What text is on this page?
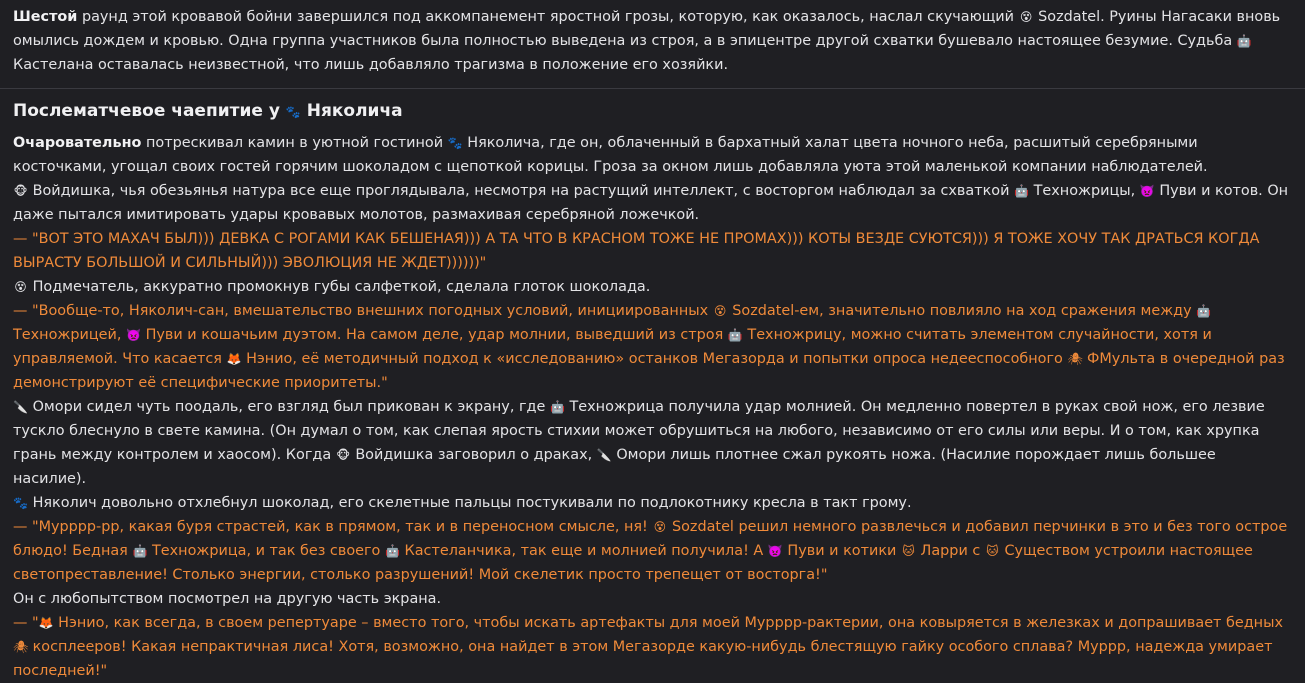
Шестой раунд этой кровавой бойни завершился под аккомпанемент яростной грозы, которую, как оказалось, наслал скучающий 😵 Sozdatel. Руины Нагасаки вновь омылись дождем и кровью. Одна группа участников была полностью выведена из строя, а в эпицентре другой схватки бушевало настоящее безумие. Судьба 🤖 Кастелана оставалась неизвестной, что лишь добавляло трагизма в положение его хозяйки.

Послематчевое чаепитие у 🐾 Няколича

Очаровательно потрескивал камин в уютной гостиной 🐾 Няколича, где он, облаченный в бархатный халат цвета ночного неба, расшитый серебряными косточками, угощал своих гостей горячим шоколадом с щепоткой корицы. Гроза за окном лишь добавляла уюта этой маленькой компании наблюдателей.

🐵 Войдишка, чья обезьянья натура все еще проглядывала, несмотря на растущий интеллект, с восторгом наблюдал за схваткой 🤖 Техножрицы, 👿 Пуви и котов. Он даже пытался имитировать удары кровавых молотов, размахивая серебряной ложечкой.

— "ВОТ ЭТО МАХАЧ БЫЛ))) ДЕВКА С РОГАМИ КАК БЕШЕНАЯ))) А ТА ЧТО В КРАСНОМ ТОЖЕ НЕ ПРОМАХ))) КОТЫ ВЕЗДЕ СУЮТСЯ))) Я ТОЖЕ ХОЧУ ТАК ДРАТЬСЯ КОГДА ВЫРАСТУ БОЛЬШОЙ И СИЛЬНЫЙ))) ЭВОЛЮЦИЯ НЕ ЖДЕТ))))))"

😵 Подмечатель, аккуратно промокнув губы салфеткой, сделала глоток шоколада.

— "Вообще-то, Няколич-сан, вмешательство внешних погодных условий, инициированных 😵 Sozdatel-ем, значительно повлияло на ход сражения между 🤖 Техножрицей, 👿 Пуви и кошачьим дуэтом. На самом деле, удар молнии, выведший из строя 🤖 Техножрицу, можно считать элементом случайности, хотя и управляемой. Что касается 🦊 Нэнио, её методичный подход к «исследованию» останков Мегазорда и попытки опроса недееспособного 🕷 ФМульта в очередной раз демонстрируют её специфические приоритеты."

🔪 Омори сидел чуть поодаль, его взгляд был прикован к экрану, где 🤖 Техножрица получила удар молнией. Он медленно повертел в руках свой нож, его лезвие тускло блеснуло в свете камина. (Он думал о том, как слепая ярость стихии может обрушиться на любого, независимо от его силы или веры. И о том, как хрупка грань между контролем и хаосом). Когда 🐵 Войдишка заговорил о драках, 🔪 Омори лишь плотнее сжал рукоять ножа. (Насилие порождает лишь большее насилие).

🐾 Няколич довольно отхлебнул шоколад, его скелетные пальцы постукивали по подлокотнику кресла в такт грому.

— "Мурррр-рр, какая буря страстей, как в прямом, так и в переносном смысле, ня! 😵 Sozdatel решил немного развлечься и добавил перчинки в это и без того острое блюдо! Бедная 🤖 Техножрица, и так без своего 🤖 Кастеланчика, так еще и молнией получила! А 👿 Пуви и котики 🐱 Ларри с 🐱 Существом устроили настоящее светопреставление! Столько энергии, столько разрушений! Мой скелетик просто трепещет от восторга!"

Он с любопытством посмотрел на другую часть экрана.

— "🦊 Нэнио, как всегда, в своем репертуаре – вместо того, чтобы искать артефакты для моей Мурррр-рактерии, она ковыряется в железках и допрашивает бедных 🕷 косплееров! Какая непрактичная лиса! Хотя, возможно, она найдет в этом Мегазорде какую-нибудь блестящую гайку особого сплава? Муррр, надежда умирает последней!"
